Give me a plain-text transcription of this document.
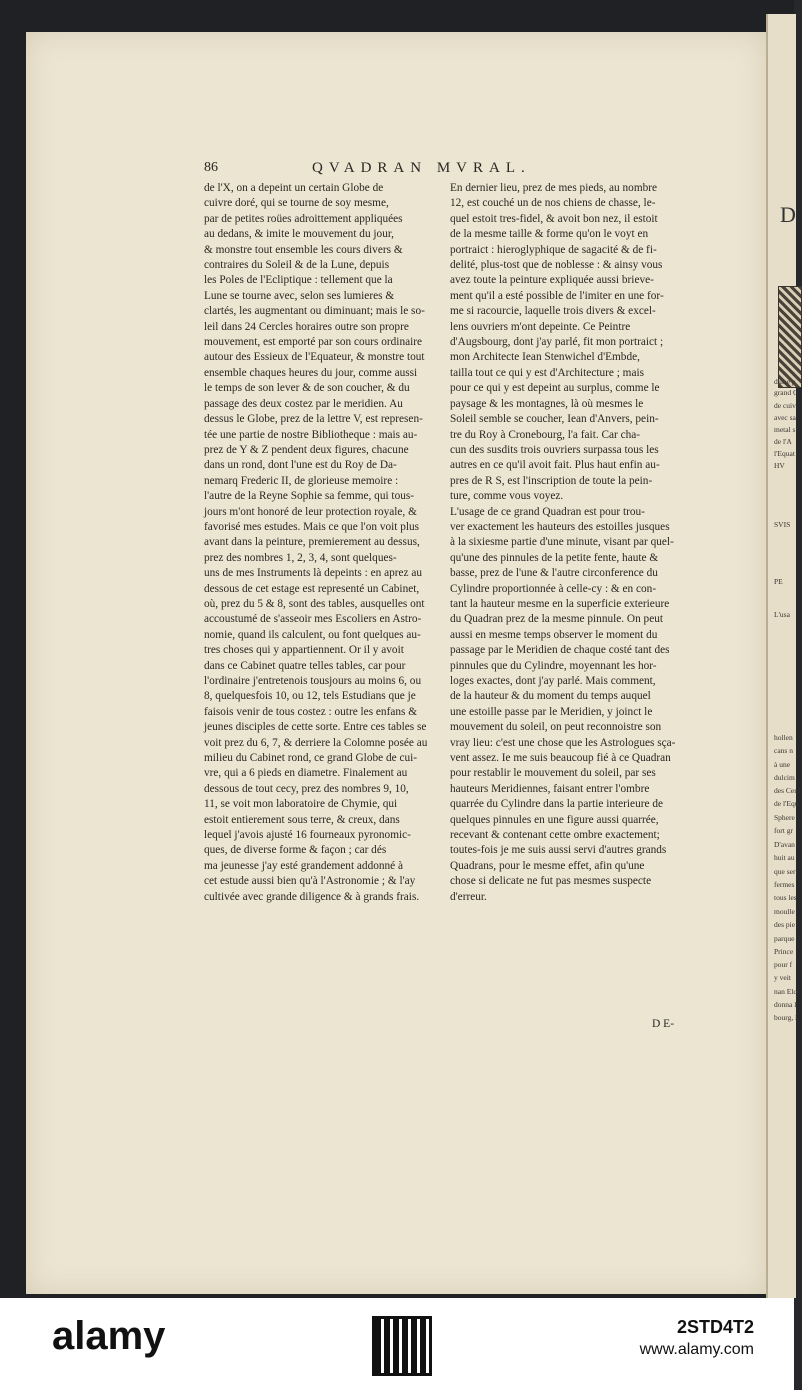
D
d'une p
grand C
de cuiv
avec sa
metal s
de l'A
l'Equat
HV
SVIS
PE
L'usa
hollen
cans n
à une
dulcim
des Cerp
de l'Equ
Sphere
fort gr
D'avan
huit au
que sert
fermes
tous les
moulle
des pie
parque
Prince
pour f
y veit
nan Elci
donna l'
bourg, l
86	QVADRAN MVRAL.
de l'X, on a depeint un certain Globe de
cuivre doré, qui se tourne de soy mesme,
par de petites roües adroittement appliquées
au dedans, & imite le mouvement du jour,
& monstre tout ensemble les cours divers &
contraires du Soleil & de la Lune, depuis
les Poles de l'Ecliptique : tellement que la
Lune se tourne avec, selon ses lumieres &
clartés, les augmentant ou diminuant; mais le so-
leil dans 24 Cercles horaires outre son propre
mouvement, est emporté par son cours ordinaire
autour des Essieux de l'Equateur, & monstre tout
ensemble chaques heures du jour, comme aussi
le temps de son lever & de son coucher, & du
passage des deux costez par le meridien. Au
dessus le Globe, prez de la lettre V, est represen-
tée une partie de nostre Bibliotheque : mais au-
prez de Y & Z pendent deux figures, chacune
dans un rond, dont l'une est du Roy de Da-
nemarq Frederic II, de glorieuse memoire :
l'autre de la Reyne Sophie sa femme, qui tous-
jours m'ont honoré de leur protection royale, &
favorisé mes estudes. Mais ce que l'on voit plus
avant dans la peinture, premierement au dessus,
prez des nombres 1, 2, 3, 4, sont quelques-
uns de mes Instruments là depeints : en aprez au
dessous de cet estage est representé un Cabinet,
où, prez du 5 & 8, sont des tables, ausquelles ont
accoustumé de s'asseoir mes Escoliers en Astro-
nomie, quand ils calculent, ou font quelques au-
tres choses qui y appartiennent. Or il y avoit
dans ce Cabinet quatre telles tables, car pour
l'ordinaire j'entretenois tousjours au moins 6, ou
8, quelquesfois 10, ou 12, tels Estudians que je
faisois venir de tous costez : outre les enfans &
jeunes disciples de cette sorte. Entre ces tables se
voit prez du 6, 7, & derriere la Colomne posée au
milieu du Cabinet rond, ce grand Globe de cui-
vre, qui a 6 pieds en diametre. Finalement au
dessous de tout cecy, prez des nombres 9, 10,
11, se voit mon laboratoire de Chymie, qui
estoit entierement sous terre, & creux, dans
lequel j'avois ajusté 16 fourneaux pyronomic-
ques, de diverse forme & façon ; car dés
ma jeunesse j'ay esté grandement addonné à
cet estude aussi bien qu'à l'Astronomie ; & l'ay
cultivée avec grande diligence & à grands frais.
En dernier lieu, prez de mes pieds, au nombre
12, est couché un de nos chiens de chasse, le-
quel estoit tres-fidel, & avoit bon nez, il estoit
de la mesme taille & forme qu'on le voyt en
portraict : hieroglyphique de sagacité & de fi-
delité, plus-tost que de noblesse : & ainsy vous
avez toute la peinture expliquée aussi brieve-
ment qu'il a esté possible de l'imiter en une for-
me si racourcie, laquelle trois divers & excel-
lens ouvriers m'ont depeinte. Ce Peintre
d'Augsbourg, dont j'ay parlé, fit mon portraict ;
mon Architecte Iean Stenwichel d'Embde,
tailla tout ce qui y est d'Architecture ; mais
pour ce qui y est depeint au surplus, comme le
paysage & les montagnes, là où mesmes le
Soleil semble se coucher, Iean d'Anvers, pein-
tre du Roy à Cronebourg, l'a fait. Car cha-
cun des susdits trois ouvriers surpassa tous les
autres en ce qu'il avoit fait. Plus haut enfin au-
pres de R S, est l'inscription de toute la pein-
ture, comme vous voyez.
L'usage de ce grand Quadran est pour trou-
ver exactement les hauteurs des estoilles jusques
à la sixiesme partie d'une minute, visant par quel-
qu'une des pinnules de la petite fente, haute &
basse, prez de l'une & l'autre circonference du
Cylindre proportionnée à celle-cy : & en con-
tant la hauteur mesme en la superficie exterieure
du Quadran prez de la mesme pinnule. On peut
aussi en mesme temps observer le moment du
passage par le Meridien de chaque costé tant des
pinnules que du Cylindre, moyennant les hor-
loges exactes, dont j'ay parlé. Mais comment,
de la hauteur & du moment du temps auquel
une estoille passe par le Meridien, y joinct le
mouvement du soleil, on peut reconnoistre son
vray lieu: c'est une chose que les Astrologues sça-
vent assez. Ie me suis beaucoup fié à ce Quadran
pour restablir le mouvement du soleil, par ses
hauteurs Meridiennes, faisant entrer l'ombre
quarrée du Cylindre dans la partie interieure de
quelques pinnules en une figure aussi quarrée,
recevant & contenant cette ombre exactement;
toutes-fois je me suis aussi servi d'autres grands
Quadrans, pour le mesme effet, afin qu'une
chose si delicate ne fut pas mesmes suspecte
d'erreur.
D E-
alamy	2STD4T2
www.alamy.com
